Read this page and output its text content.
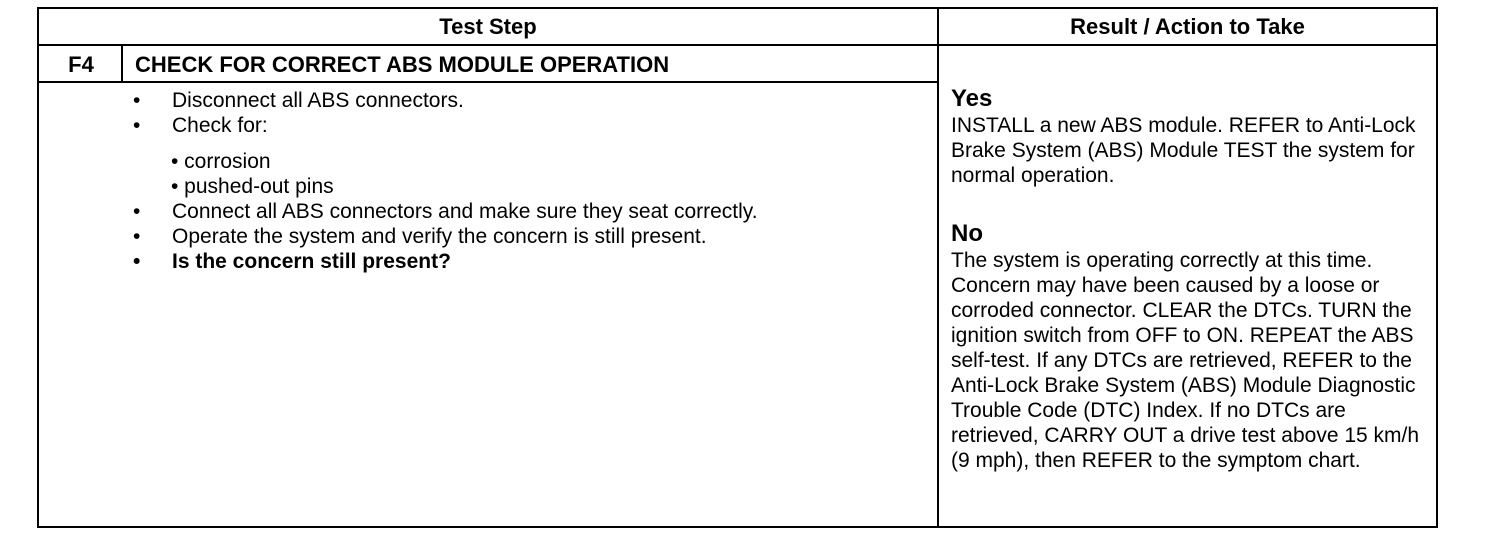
Test Step	Result / Action to Take
F4	CHECK FOR CORRECT ABS MODULE OPERATION
• Disconnect all ABS connectors.
• Check for:
• corrosion
• pushed-out pins
• Connect all ABS connectors and make sure they seat correctly.
• Operate the system and verify the concern is still present.
• Is the concern still present?
Yes
INSTALL a new ABS module. REFER to Anti-Lock Brake System (ABS) Module TEST the system for normal operation.
No
The system is operating correctly at this time. Concern may have been caused by a loose or corroded connector. CLEAR the DTCs. TURN the ignition switch from OFF to ON. REPEAT the ABS self-test. If any DTCs are retrieved, REFER to the Anti-Lock Brake System (ABS) Module Diagnostic Trouble Code (DTC) Index. If no DTCs are retrieved, CARRY OUT a drive test above 15 km/h (9 mph), then REFER to the symptom chart.
